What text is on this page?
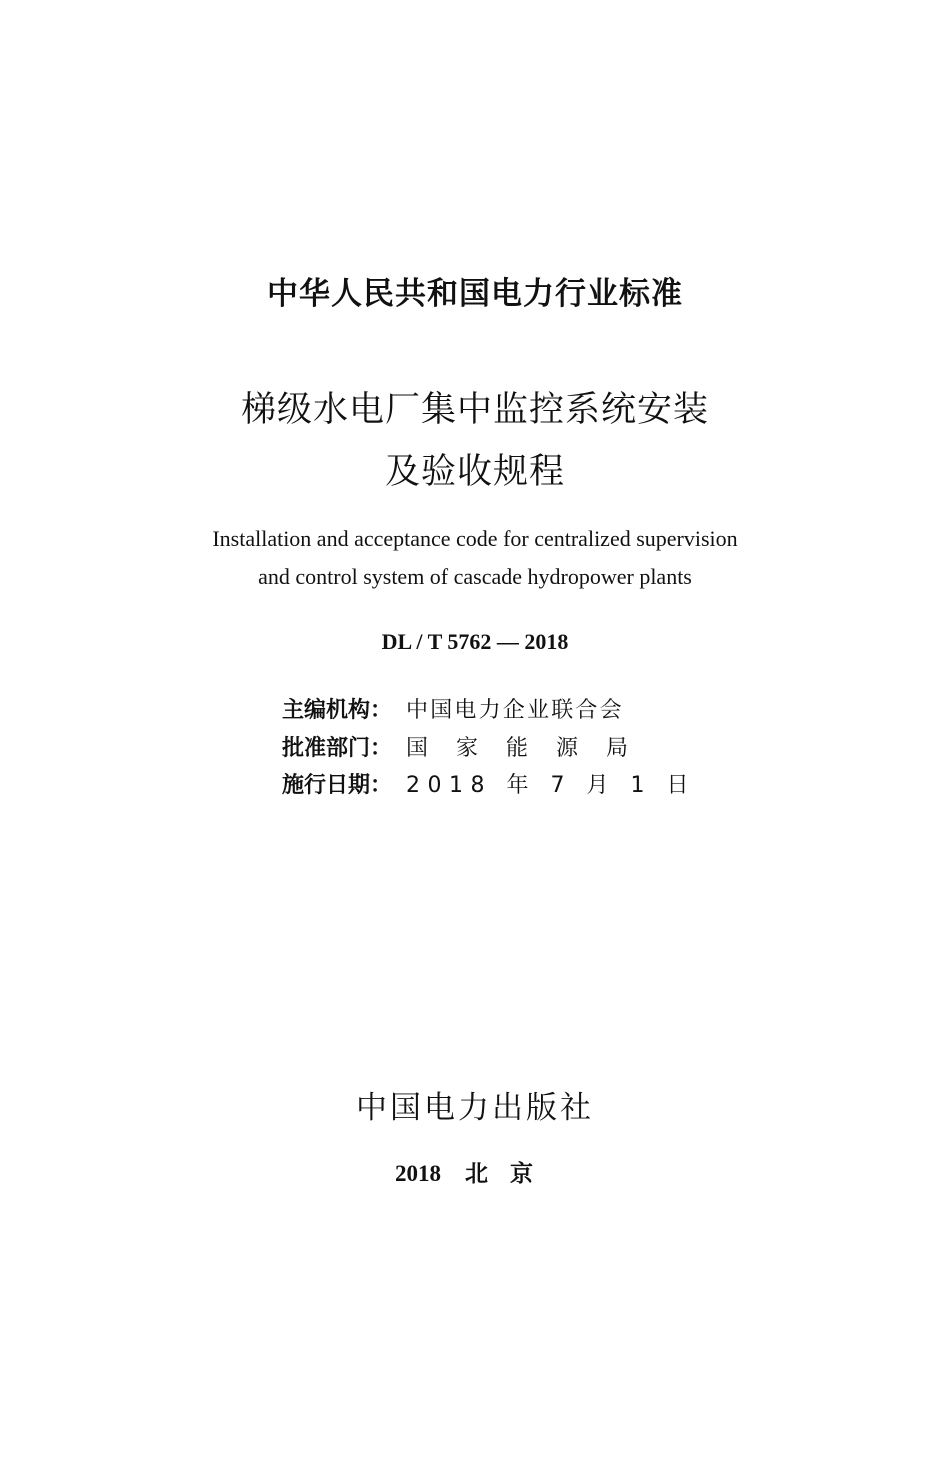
中华人民共和国电力行业标准
梯级水电厂集中监控系统安装
及验收规程
Installation and acceptance code for centralized supervision
and control system of cascade hydropower plants
DL / T 5762 — 2018
主编机构： 中国电力企业联合会
批准部门： 国家能源局
施行日期： 2018 年 7 月 1 日
中国电力出版社
2018 北京
